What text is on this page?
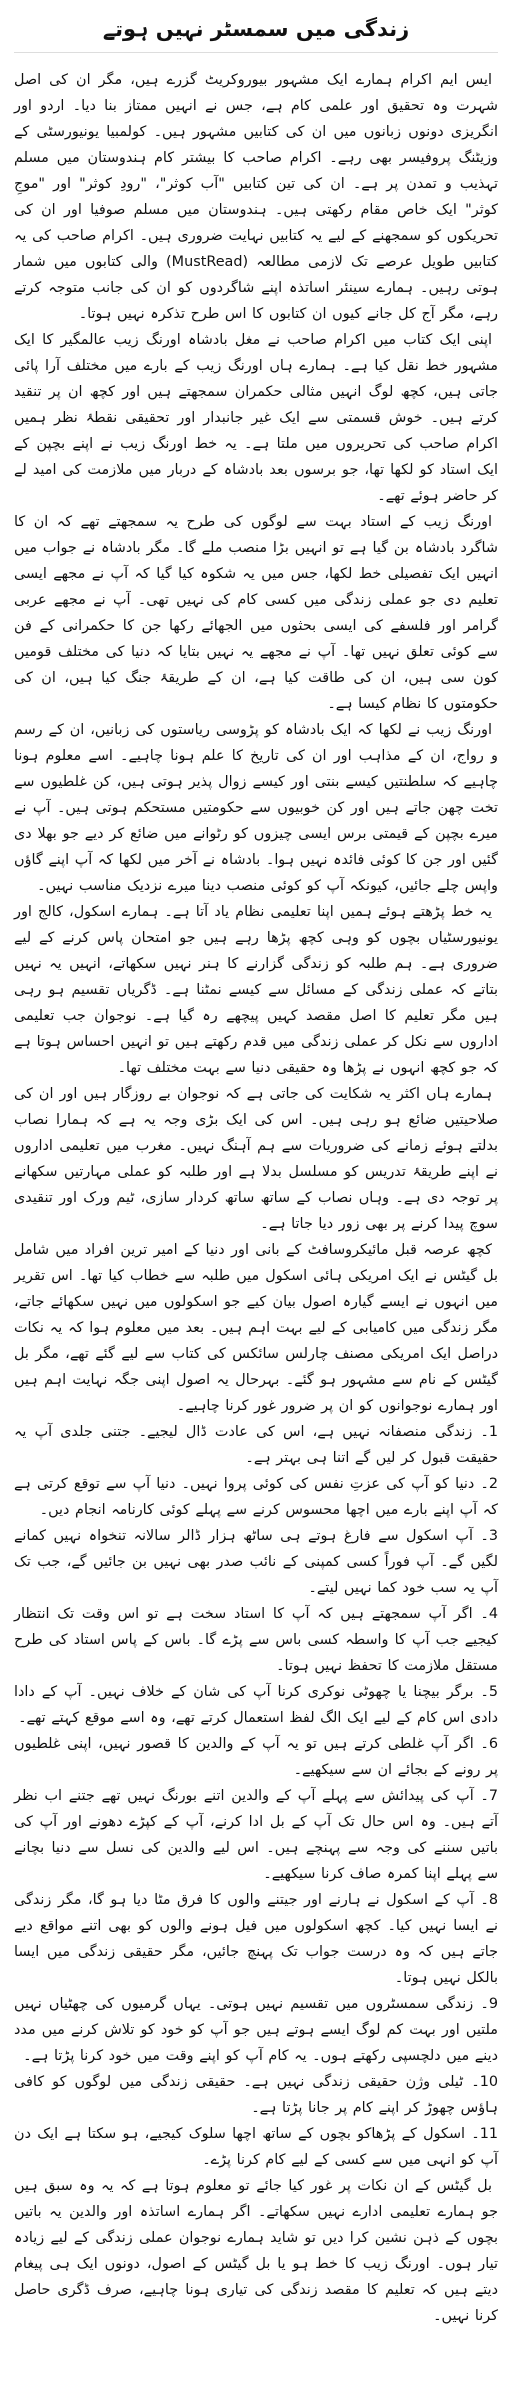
زندگی میں سمسٹر نہیں ہوتے

ایس ایم اکرام ہمارے ایک مشہور بیوروکریٹ گزرے ہیں، مگر ان کی اصل شہرت وہ تحقیق اور علمی کام ہے، جس نے انہیں ممتاز بنا دیا۔ اردو اور انگریزی دونوں زبانوں میں ان کی کتابیں مشہور ہیں۔ کولمبیا یونیورسٹی کے وزیٹنگ پروفیسر بھی رہے۔ اکرام صاحب کا بیشتر کام ہندوستان میں مسلم تہذیب و تمدن پر ہے۔ ان کی تین کتابیں "آب کوثر"، "رودِ کوثر" اور "موجِ کوثر" ایک خاص مقام رکھتی ہیں۔ ہندوستان میں مسلم صوفیا اور ان کی تحریکوں کو سمجھنے کے لیے یہ کتابیں نہایت ضروری ہیں۔ اکرام صاحب کی یہ کتابیں طویل عرصے تک لازمی مطالعہ (MustRead) والی کتابوں میں شمار ہوتی رہیں۔ ہمارے سینئر اساتذہ اپنے شاگردوں کو ان کی جانب متوجہ کرتے رہے، مگر آج کل جانے کیوں ان کتابوں کا اس طرح تذکرہ نہیں ہوتا۔

اپنی ایک کتاب میں اکرام صاحب نے مغل بادشاہ اورنگ زیب عالمگیر کا ایک مشہور خط نقل کیا ہے۔ ہمارے ہاں اورنگ زیب کے بارے میں مختلف آرا پائی جاتی ہیں، کچھ لوگ انہیں مثالی حکمران سمجھتے ہیں اور کچھ ان پر تنقید کرتے ہیں۔ خوش قسمتی سے ایک غیر جانبدار اور تحقیقی نقطۂ نظر ہمیں اکرام صاحب کی تحریروں میں ملتا ہے۔ یہ خط اورنگ زیب نے اپنے بچپن کے ایک استاد کو لکھا تھا، جو برسوں بعد بادشاہ کے دربار میں ملازمت کی امید لے کر حاضر ہوئے تھے۔

اورنگ زیب کے استاد بہت سے لوگوں کی طرح یہ سمجھتے تھے کہ ان کا شاگرد بادشاہ بن گیا ہے تو انہیں بڑا منصب ملے گا۔ مگر بادشاہ نے جواب میں انہیں ایک تفصیلی خط لکھا، جس میں یہ شکوہ کیا گیا کہ آپ نے مجھے ایسی تعلیم دی جو عملی زندگی میں کسی کام کی نہیں تھی۔ آپ نے مجھے عربی گرامر اور فلسفے کی ایسی بحثوں میں الجھائے رکھا جن کا حکمرانی کے فن سے کوئی تعلق نہیں تھا۔ آپ نے مجھے یہ نہیں بتایا کہ دنیا کی مختلف قومیں کون سی ہیں، ان کی طاقت کیا ہے، ان کے طریقۂ جنگ کیا ہیں، ان کی حکومتوں کا نظام کیسا ہے۔

اورنگ زیب نے لکھا کہ ایک بادشاہ کو پڑوسی ریاستوں کی زبانیں، ان کے رسم و رواج، ان کے مذاہب اور ان کی تاریخ کا علم ہونا چاہیے۔ اسے معلوم ہونا چاہیے کہ سلطنتیں کیسے بنتی اور کیسے زوال پذیر ہوتی ہیں، کن غلطیوں سے تخت چھن جاتے ہیں اور کن خوبیوں سے حکومتیں مستحکم ہوتی ہیں۔ آپ نے میرے بچپن کے قیمتی برس ایسی چیزوں کو رٹوانے میں ضائع کر دیے جو بھلا دی گئیں اور جن کا کوئی فائدہ نہیں ہوا۔ بادشاہ نے آخر میں لکھا کہ آپ اپنے گاؤں واپس چلے جائیں، کیونکہ آپ کو کوئی منصب دینا میرے نزدیک مناسب نہیں۔

یہ خط پڑھتے ہوئے ہمیں اپنا تعلیمی نظام یاد آتا ہے۔ ہمارے اسکول، کالج اور یونیورسٹیاں بچوں کو وہی کچھ پڑھا رہے ہیں جو امتحان پاس کرنے کے لیے ضروری ہے۔ ہم طلبہ کو زندگی گزارنے کا ہنر نہیں سکھاتے، انہیں یہ نہیں بتاتے کہ عملی زندگی کے مسائل سے کیسے نمٹنا ہے۔ ڈگریاں تقسیم ہو رہی ہیں مگر تعلیم کا اصل مقصد کہیں پیچھے رہ گیا ہے۔ نوجوان جب تعلیمی اداروں سے نکل کر عملی زندگی میں قدم رکھتے ہیں تو انہیں احساس ہوتا ہے کہ جو کچھ انہوں نے پڑھا وہ حقیقی دنیا سے بہت مختلف تھا۔

ہمارے ہاں اکثر یہ شکایت کی جاتی ہے کہ نوجوان بے روزگار ہیں اور ان کی صلاحیتیں ضائع ہو رہی ہیں۔ اس کی ایک بڑی وجہ یہ ہے کہ ہمارا نصاب بدلتے ہوئے زمانے کی ضروریات سے ہم آہنگ نہیں۔ مغرب میں تعلیمی اداروں نے اپنے طریقۂ تدریس کو مسلسل بدلا ہے اور طلبہ کو عملی مہارتیں سکھانے پر توجہ دی ہے۔ وہاں نصاب کے ساتھ ساتھ کردار سازی، ٹیم ورک اور تنقیدی سوچ پیدا کرنے پر بھی زور دیا جاتا ہے۔

کچھ عرصہ قبل مائیکروسافٹ کے بانی اور دنیا کے امیر ترین افراد میں شامل بل گیٹس نے ایک امریکی ہائی اسکول میں طلبہ سے خطاب کیا تھا۔ اس تقریر میں انہوں نے ایسے گیارہ اصول بیان کیے جو اسکولوں میں نہیں سکھائے جاتے، مگر زندگی میں کامیابی کے لیے بہت اہم ہیں۔ بعد میں معلوم ہوا کہ یہ نکات دراصل ایک امریکی مصنف چارلس سائکس کی کتاب سے لیے گئے تھے، مگر بل گیٹس کے نام سے مشہور ہو گئے۔ بہرحال یہ اصول اپنی جگہ نہایت اہم ہیں اور ہمارے نوجوانوں کو ان پر ضرور غور کرنا چاہیے۔

1۔ زندگی منصفانہ نہیں ہے، اس کی عادت ڈال لیجیے۔ جتنی جلدی آپ یہ حقیقت قبول کر لیں گے اتنا ہی بہتر ہے۔

2۔ دنیا کو آپ کی عزتِ نفس کی کوئی پروا نہیں۔ دنیا آپ سے توقع کرتی ہے کہ آپ اپنے بارے میں اچھا محسوس کرنے سے پہلے کوئی کارنامہ انجام دیں۔

3۔ آپ اسکول سے فارغ ہوتے ہی ساٹھ ہزار ڈالر سالانہ تنخواہ نہیں کمانے لگیں گے۔ آپ فوراً کسی کمپنی کے نائب صدر بھی نہیں بن جائیں گے، جب تک آپ یہ سب خود کما نہیں لیتے۔

4۔ اگر آپ سمجھتے ہیں کہ آپ کا استاد سخت ہے تو اس وقت تک انتظار کیجیے جب آپ کا واسطہ کسی باس سے پڑے گا۔ باس کے پاس استاد کی طرح مستقل ملازمت کا تحفظ نہیں ہوتا۔

5۔ برگر بیچنا یا چھوٹی نوکری کرنا آپ کی شان کے خلاف نہیں۔ آپ کے دادا دادی اس کام کے لیے ایک الگ لفظ استعمال کرتے تھے، وہ اسے موقع کہتے تھے۔

6۔ اگر آپ غلطی کرتے ہیں تو یہ آپ کے والدین کا قصور نہیں، اپنی غلطیوں پر رونے کے بجائے ان سے سیکھیے۔

7۔ آپ کی پیدائش سے پہلے آپ کے والدین اتنے بورنگ نہیں تھے جتنے اب نظر آتے ہیں۔ وہ اس حال تک آپ کے بل ادا کرنے، آپ کے کپڑے دھونے اور آپ کی باتیں سننے کی وجہ سے پہنچے ہیں۔ اس لیے والدین کی نسل سے دنیا بچانے سے پہلے اپنا کمرہ صاف کرنا سیکھیے۔

8۔ آپ کے اسکول نے ہارنے اور جیتنے والوں کا فرق مٹا دیا ہو گا، مگر زندگی نے ایسا نہیں کیا۔ کچھ اسکولوں میں فیل ہونے والوں کو بھی اتنے مواقع دیے جاتے ہیں کہ وہ درست جواب تک پہنچ جائیں، مگر حقیقی زندگی میں ایسا بالکل نہیں ہوتا۔

9۔ زندگی سمسٹروں میں تقسیم نہیں ہوتی۔ یہاں گرمیوں کی چھٹیاں نہیں ملتیں اور بہت کم لوگ ایسے ہوتے ہیں جو آپ کو خود کو تلاش کرنے میں مدد دینے میں دلچسپی رکھتے ہوں۔ یہ کام آپ کو اپنے وقت میں خود کرنا پڑتا ہے۔

10۔ ٹیلی وژن حقیقی زندگی نہیں ہے۔ حقیقی زندگی میں لوگوں کو کافی ہاؤس چھوڑ کر اپنے کام پر جانا پڑتا ہے۔

11۔ اسکول کے پڑھاکو بچوں کے ساتھ اچھا سلوک کیجیے، ہو سکتا ہے ایک دن آپ کو انہی میں سے کسی کے لیے کام کرنا پڑے۔

بل گیٹس کے ان نکات پر غور کیا جائے تو معلوم ہوتا ہے کہ یہ وہ سبق ہیں جو ہمارے تعلیمی ادارے نہیں سکھاتے۔ اگر ہمارے اساتذہ اور والدین یہ باتیں بچوں کے ذہن نشین کرا دیں تو شاید ہمارے نوجوان عملی زندگی کے لیے زیادہ تیار ہوں۔ اورنگ زیب کا خط ہو یا بل گیٹس کے اصول، دونوں ایک ہی پیغام دیتے ہیں کہ تعلیم کا مقصد زندگی کی تیاری ہونا چاہیے، صرف ڈگری حاصل کرنا نہیں۔
